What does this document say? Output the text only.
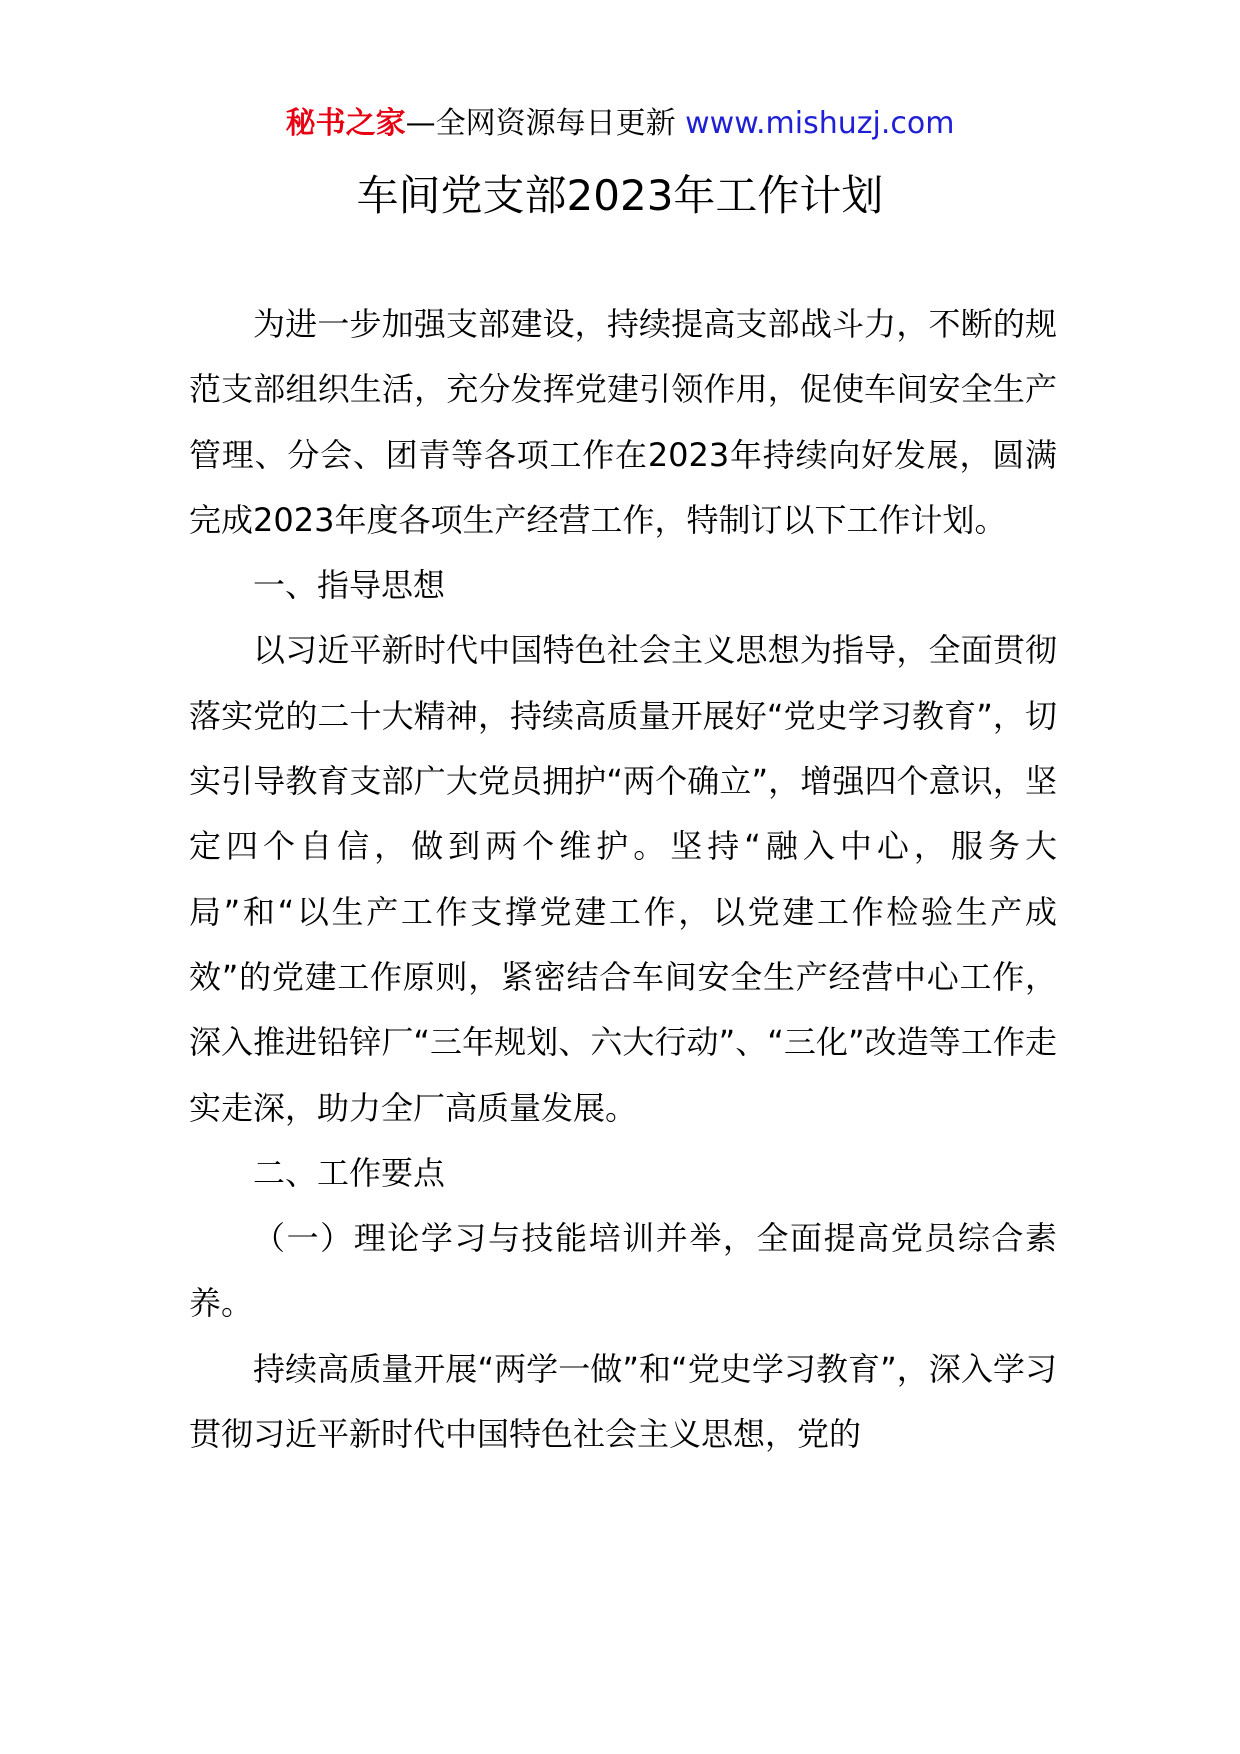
秘书之家—全网资源每日更新 www.mishuzj.com
车间党支部2023年工作计划

为进一步加强支部建设，持续提高支部战斗力，不断的规范支部组织生活，充分发挥党建引领作用，促使车间安全生产管理、分会、团青等各项工作在2023年持续向好发展，圆满完成2023年度各项生产经营工作，特制订以下工作计划。

一、指导思想

以习近平新时代中国特色社会主义思想为指导，全面贯彻落实党的二十大精神，持续高质量开展好“党史学习教育”，切实引导教育支部广大党员拥护“两个确立”，增强四个意识，坚定四个自信，做到两个维护。坚持“融入中心，服务大局”和“以生产工作支撑党建工作，以党建工作检验生产成效”的党建工作原则，紧密结合车间安全生产经营中心工作，深入推进铅锌厂“三年规划、六大行动”、“三化”改造等工作走实走深，助力全厂高质量发展。

二、工作要点

（一）理论学习与技能培训并举，全面提高党员综合素养。

持续高质量开展“两学一做”和“党史学习教育”，深入学习贯彻习近平新时代中国特色社会主义思想，党的
